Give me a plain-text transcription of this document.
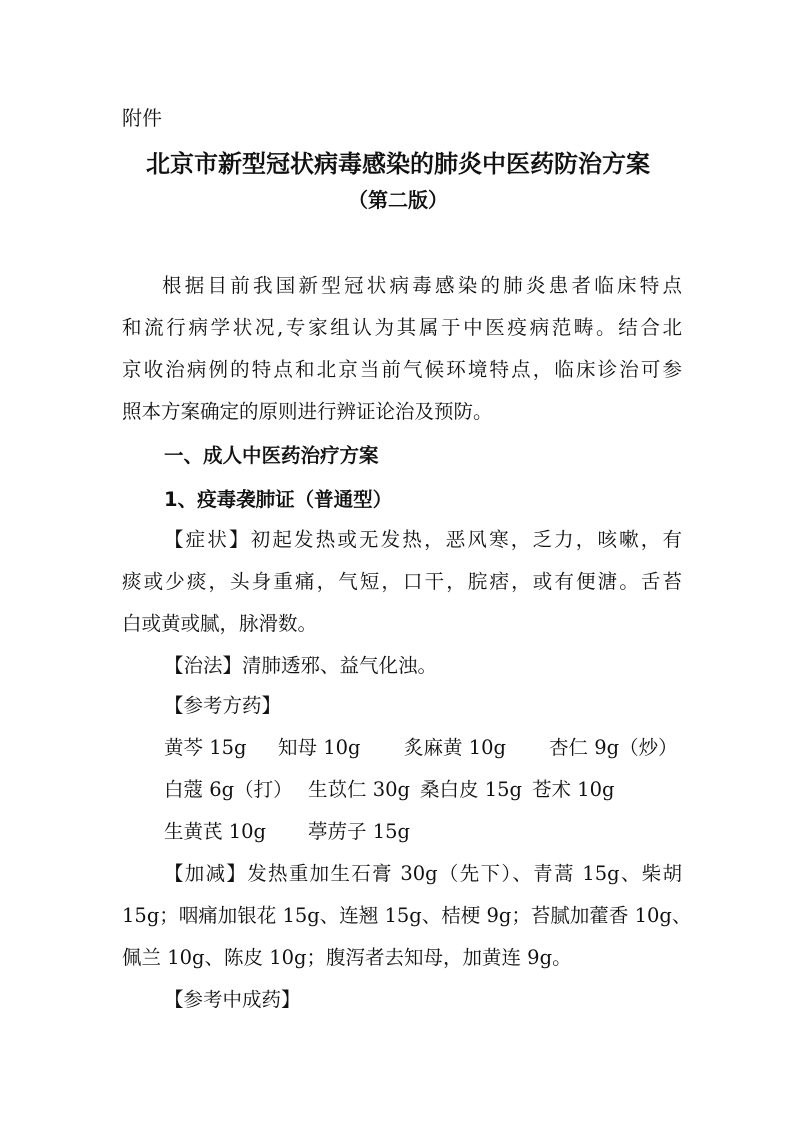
附件
北京市新型冠状病毒感染的肺炎中医药防治方案
（第二版）
根据目前我国新型冠状病毒感染的肺炎患者临床特点
和流行病学状况,专家组认为其属于中医疫病范畴。结合北
京收治病例的特点和北京当前气候环境特点，临床诊治可参
照本方案确定的原则进行辨证论治及预防。
一、成人中医药治疗方案
1、疫毒袭肺证（普通型）
【症状】初起发热或无发热，恶风寒，乏力，咳嗽，有
痰或少痰，头身重痛，气短，口干，脘痞，或有便溏。舌苔
白或黄或腻，脉滑数。
【治法】清肺透邪、益气化浊。
【参考方药】
黄芩 15g 知母 10g 炙麻黄 10g 杏仁 9g（炒）
白蔻 6g（打） 生苡仁 30g 桑白皮 15g 苍术 10g
生黄芪 10g 葶苈子 15g
【加减】发热重加生石膏 30g（先下）、青蒿 15g、柴胡
15g；咽痛加银花 15g、连翘 15g、桔梗 9g；苔腻加藿香 10g、
佩兰 10g、陈皮 10g；腹泻者去知母，加黄连 9g。
【参考中成药】
